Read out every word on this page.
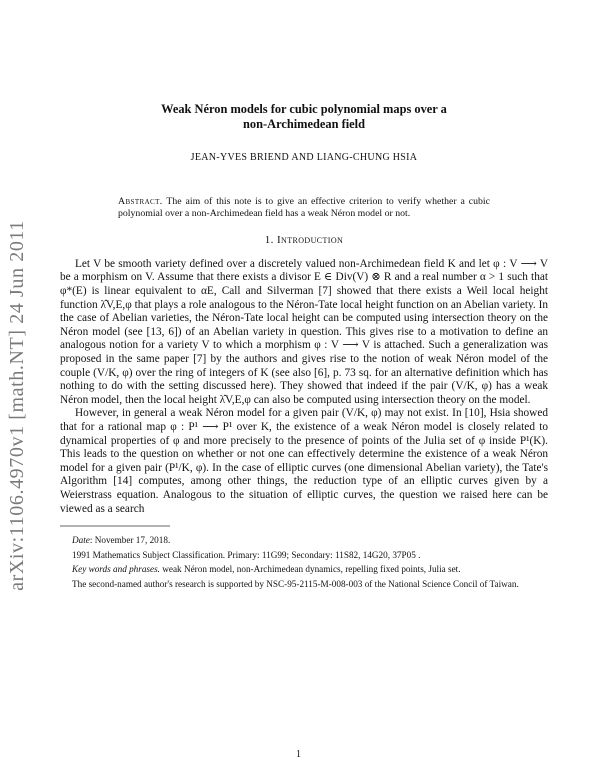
arXiv:1106.4970v1 [math.NT] 24 Jun 2011
Weak Néron models for cubic polynomial maps over a
non-Archimedean field
JEAN-YVES BRIEND AND LIANG-CHUNG HSIA
Abstract. The aim of this note is to give an effective criterion to verify whether a cubic polynomial over a non-Archimedean field has a weak Néron model or not.
1. Introduction

Let V be smooth variety defined over a discretely valued non-Archimedean field K and let φ : V ⟶ V be a morphism on V. Assume that there exists a divisor E ∈ Div(V) ⊗ R and a real number α > 1 such that φ*(E) is linear equivalent to αE, Call and Silverman [7] showed that there exists a Weil local height function λ̂V,E,φ that plays a role analogous to the Néron-Tate local height function on an Abelian variety. In the case of Abelian varieties, the Néron-Tate local height can be computed using intersection theory on the Néron model (see [13, 6]) of an Abelian variety in question. This gives rise to a motivation to define an analogous notion for a variety V to which a morphism φ : V ⟶ V is attached. Such a generalization was proposed in the same paper [7] by the authors and gives rise to the notion of weak Néron model of the couple (V/K, φ) over the ring of integers of K (see also [6], p. 73 sq. for an alternative definition which has nothing to do with the setting discussed here). They showed that indeed if the pair (V/K, φ) has a weak Néron model, then the local height λ̂V,E,φ can also be computed using intersection theory on the model.

However, in general a weak Néron model for a given pair (V/K, φ) may not exist. In [10], Hsia showed that for a rational map φ : P¹ ⟶ P¹ over K, the existence of a weak Néron model is closely related to dynamical properties of φ and more precisely to the presence of points of the Julia set of φ inside P¹(K). This leads to the question on whether or not one can effectively determine the existence of a weak Néron model for a given pair (P¹/K, φ). In the case of elliptic curves (one dimensional Abelian variety), the Tate's Algorithm [14] computes, among other things, the reduction type of an elliptic curves given by a Weierstrass equation. Analogous to the situation of elliptic curves, the question we raised here can be viewed as a search

Date: November 17, 2018.

1991 Mathematics Subject Classification. Primary: 11G99; Secondary: 11S82, 14G20, 37P05 .

Key words and phrases. weak Néron model, non-Archimedean dynamics, repelling fixed points, Julia set.

The second-named author's research is supported by NSC-95-2115-M-008-003 of the National Science Concil of Taiwan.

1
